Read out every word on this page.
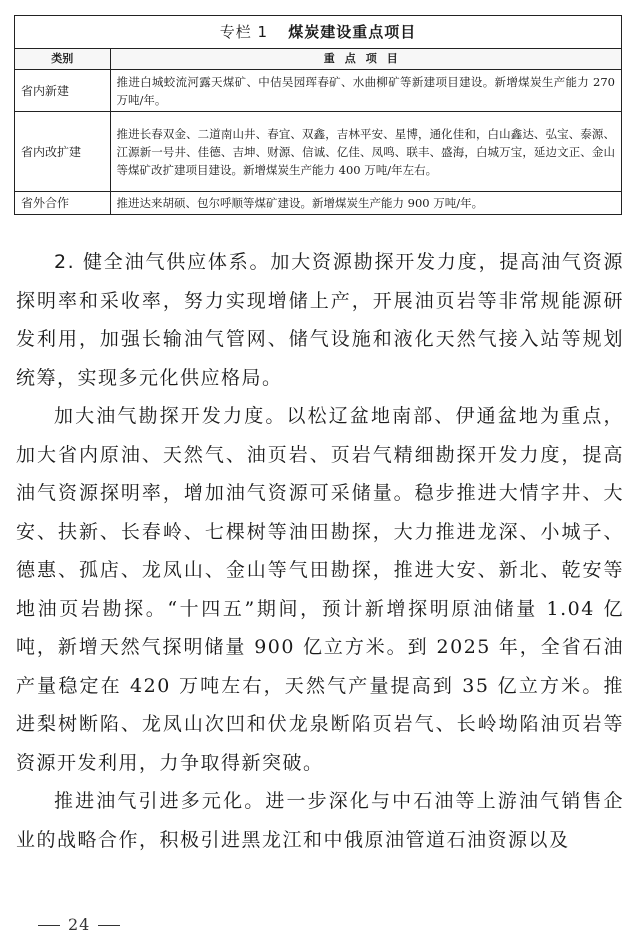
专栏 1 煤炭建设重点项目
类别	重点项目
省内新建	推进白城蛟流河露天煤矿、中佶吴园珲春矿、水曲柳矿等新建项目建设。新增煤炭生产能力 270 万吨/年。
省内改扩建	推进长春双金、二道南山井、春宜、双鑫，吉林平安、星博，通化佳和，白山鑫达、弘宝、泰源、江源新一号井、佳德、吉坤、财源、信诚、亿佳、凤鸣、联丰、盛海，白城万宝，延边文正、金山等煤矿改扩建项目建设。新增煤炭生产能力 400 万吨/年左右。
省外合作	推进达来胡硕、包尔呼顺等煤矿建设。新增煤炭生产能力 900 万吨/年。

2. 健全油气供应体系。加大资源勘探开发力度，提高油气资源探明率和采收率，努力实现增储上产，开展油页岩等非常规能源研发利用，加强长输油气管网、储气设施和液化天然气接入站等规划统筹，实现多元化供应格局。

加大油气勘探开发力度。以松辽盆地南部、伊通盆地为重点，加大省内原油、天然气、油页岩、页岩气精细勘探开发力度，提高油气资源探明率，增加油气资源可采储量。稳步推进大情字井、大安、扶新、长春岭、七棵树等油田勘探，大力推进龙深、小城子、德惠、孤店、龙凤山、金山等气田勘探，推进大安、新北、乾安等地油页岩勘探。“十四五”期间，预计新增探明原油储量 1.04 亿吨，新增天然气探明储量 900 亿立方米。到 2025 年，全省石油产量稳定在 420 万吨左右，天然气产量提高到 35 亿立方米。推进梨树断陷、龙凤山次凹和伏龙泉断陷页岩气、长岭坳陷油页岩等资源开发利用，力争取得新突破。

推进油气引进多元化。进一步深化与中石油等上游油气销售企业的战略合作，积极引进黑龙江和中俄原油管道石油资源以及

24
